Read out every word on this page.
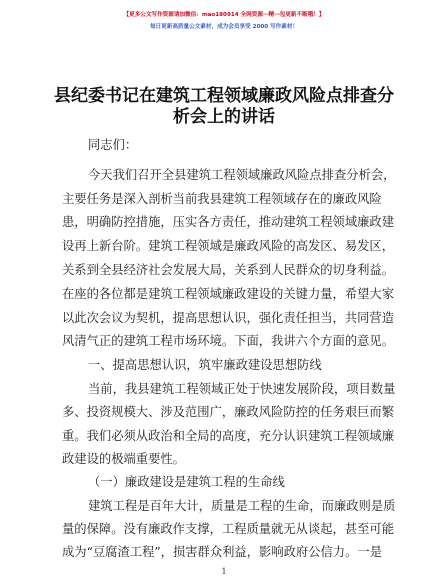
【更多公文写作资源请加微信：mao180914 全网资源⋯精⋯包更新不断哦！】
每日更新高质量公文素材，成为会员享受 2000 写作素材！
县纪委书记在建筑工程领域廉政风险点排查分
析会上的讲话
同志们：
今天我们召开全县建筑工程领域廉政风险点排查分析会，
主要任务是深入剖析当前我县建筑工程领域存在的廉政风险
患，明确防控措施，压实各方责任，推动建筑工程领域廉政建
设再上新台阶。建筑工程领域是廉政风险的高发区、易发区，
关系到全县经济社会发展大局，关系到人民群众的切身利益。
在座的各位都是建筑工程领域廉政建设的关键力量，希望大家
以此次会议为契机，提高思想认识，强化责任担当，共同营造
风清气正的建筑工程市场环境。下面，我讲六个方面的意见。
一、提高思想认识，筑牢廉政建设思想防线
当前，我县建筑工程领域正处于快速发展阶段，项目数量
多、投资规模大、涉及范围广，廉政风险防控的任务艰巨而繁
重。我们必须从政治和全局的高度，充分认识建筑工程领域廉
政建设的极端重要性。
（一）廉政建设是建筑工程的生命线
建筑工程是百年大计，质量是工程的生命，而廉政则是质
量的保障。没有廉政作支撑，工程质量就无从谈起，甚至可能
成为“豆腐渣工程”，损害群众利益，影响政府公信力。一是
1
